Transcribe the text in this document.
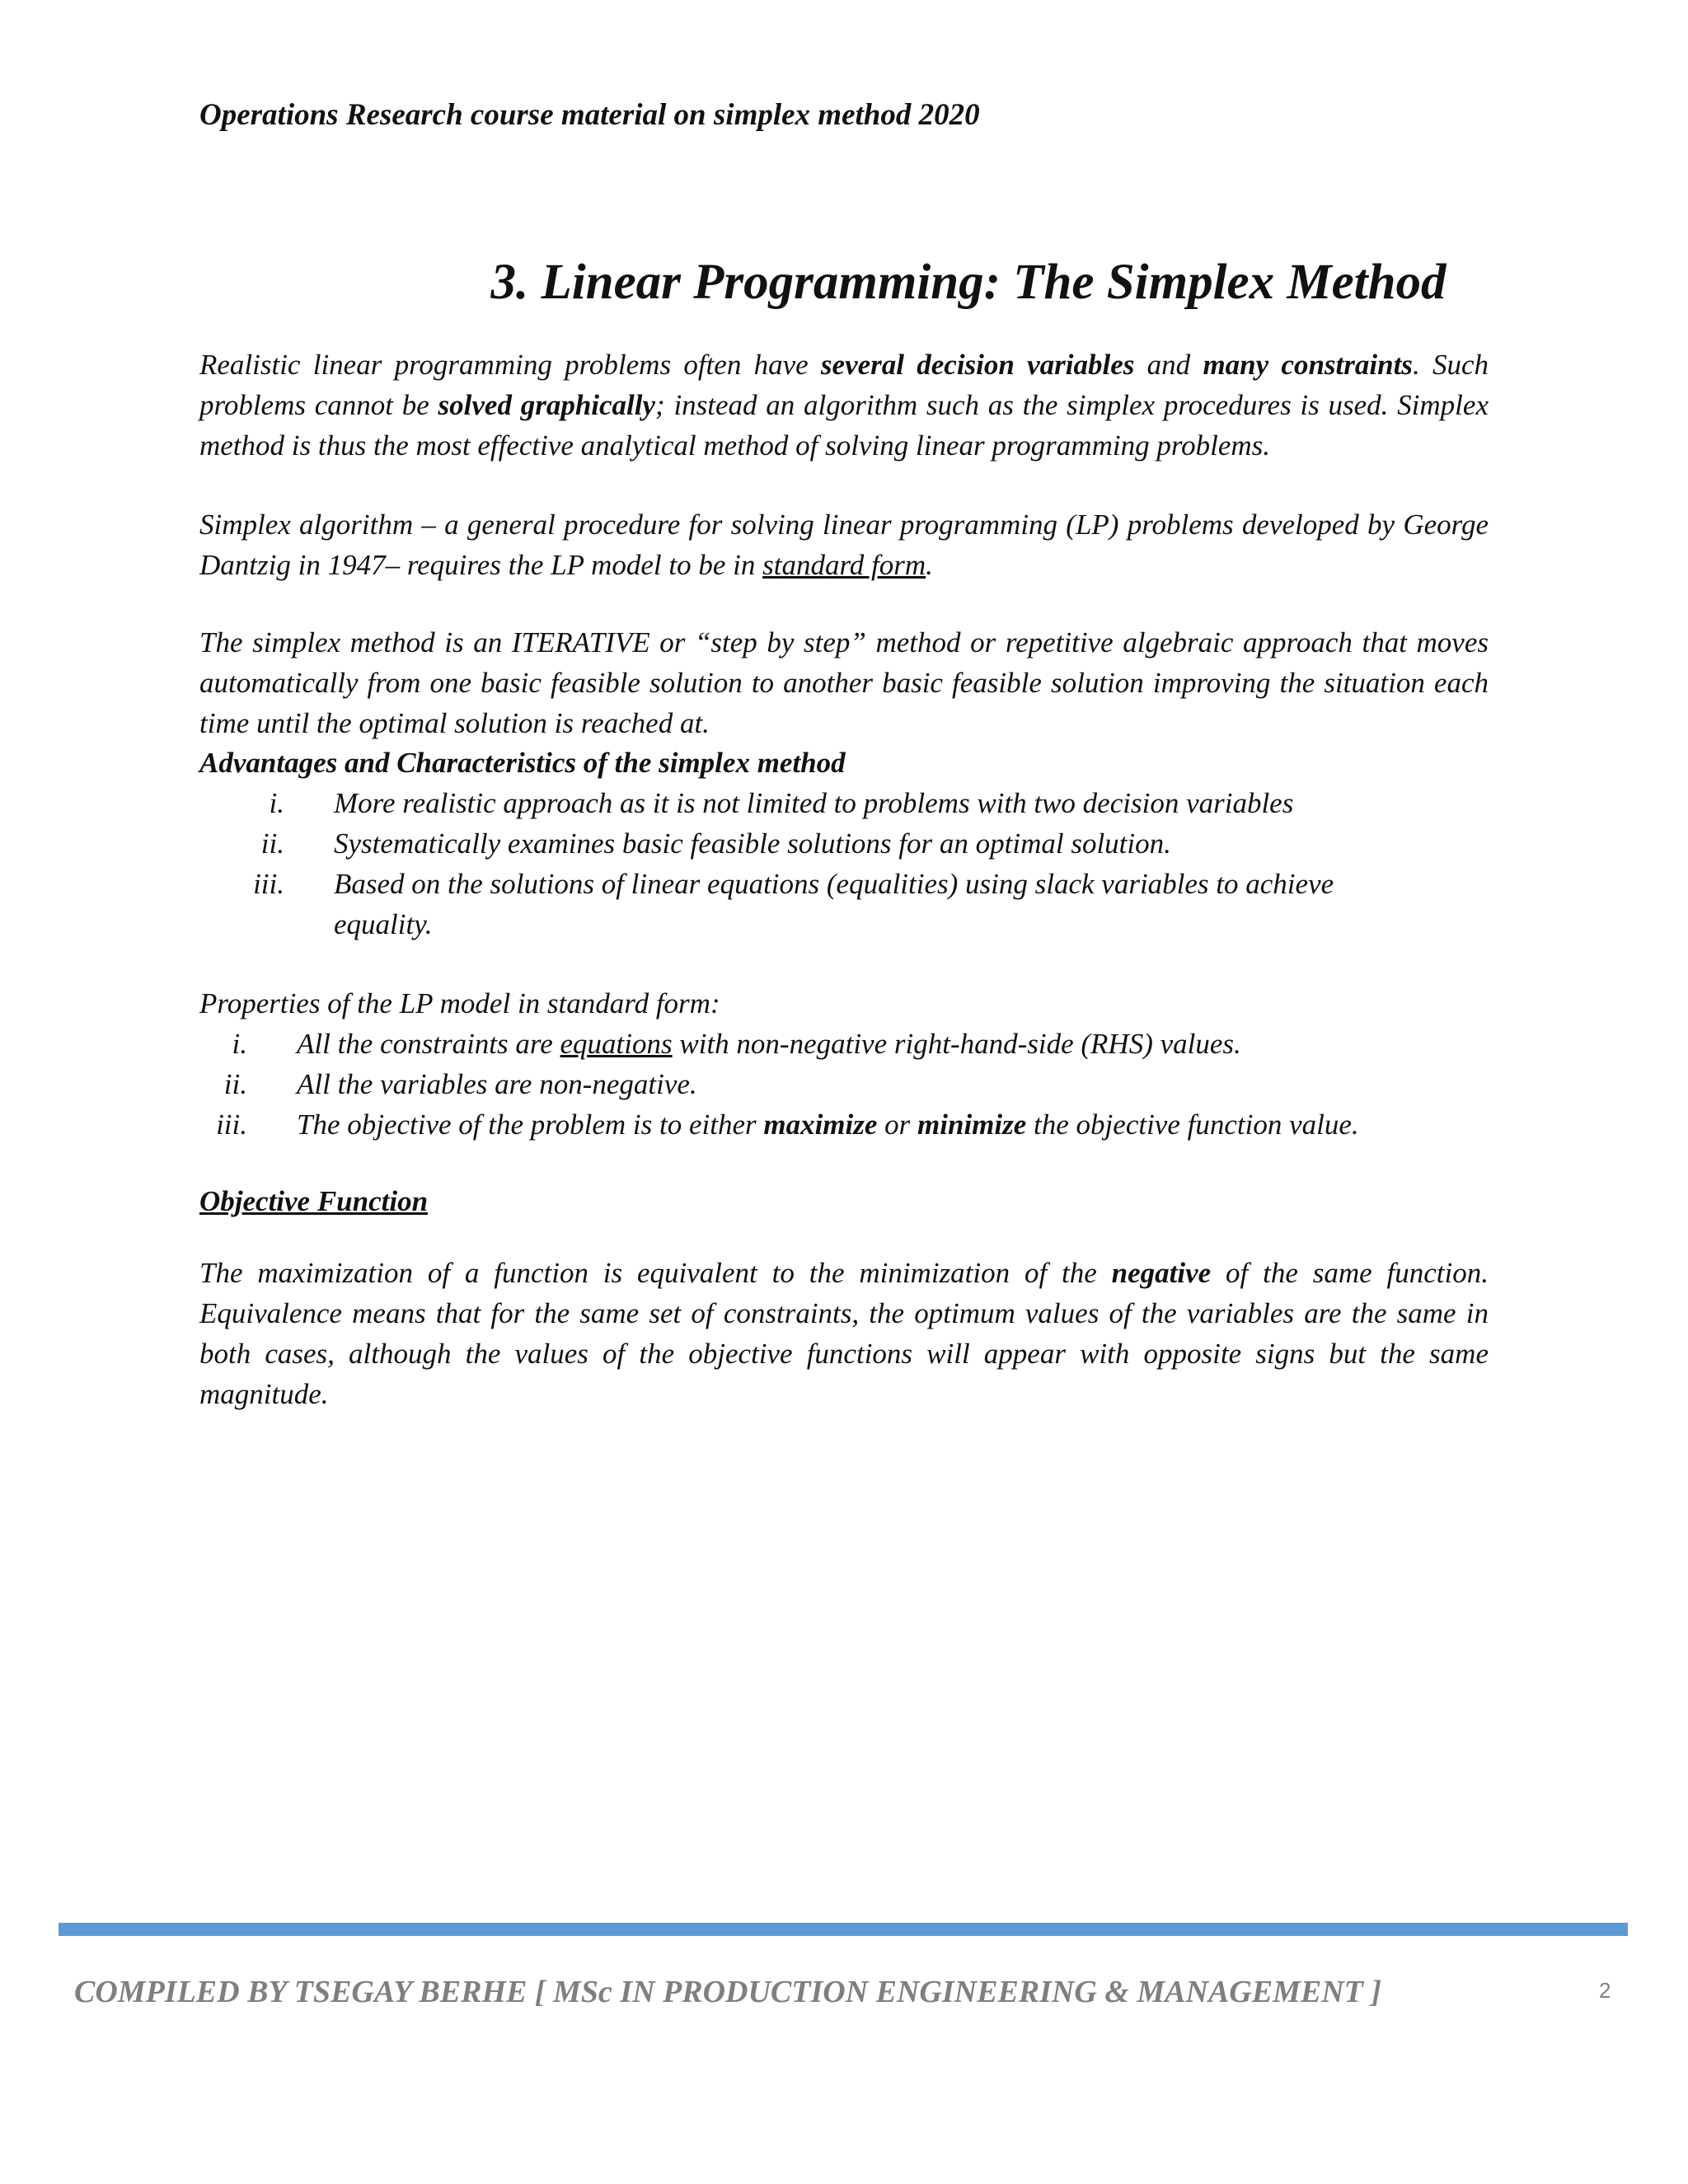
Operations Research course material on simplex method 2020
3. Linear Programming: The Simplex Method
Realistic linear programming problems often have several decision variables and many constraints. Such problems cannot be solved graphically; instead an algorithm such as the simplex procedures is used. Simplex method is thus the most effective analytical method of solving linear programming problems.
Simplex algorithm – a general procedure for solving linear programming (LP) problems developed by George Dantzig in 1947– requires the LP model to be in standard form.
The simplex method is an ITERATIVE or “step by step” method or repetitive algebraic approach that moves automatically from one basic feasible solution to another basic feasible solution improving the situation each time until the optimal solution is reached at.
Advantages and Characteristics of the simplex method
i. More realistic approach as it is not limited to problems with two decision variables
ii. Systematically examines basic feasible solutions for an optimal solution.
iii. Based on the solutions of linear equations (equalities) using slack variables to achieve
equality.
Properties of the LP model in standard form:
i. All the constraints are equations with non-negative right-hand-side (RHS) values.
ii. All the variables are non-negative.
iii. The objective of the problem is to either maximize or minimize the objective function value.
Objective Function
The maximization of a function is equivalent to the minimization of the negative of the same function. Equivalence means that for the same set of constraints, the optimum values of the variables are the same in both cases, although the values of the objective functions will appear with opposite signs but the same magnitude.
COMPILED BY TSEGAY BERHE [ MSc IN PRODUCTION ENGINEERING & MANAGEMENT ]	2
